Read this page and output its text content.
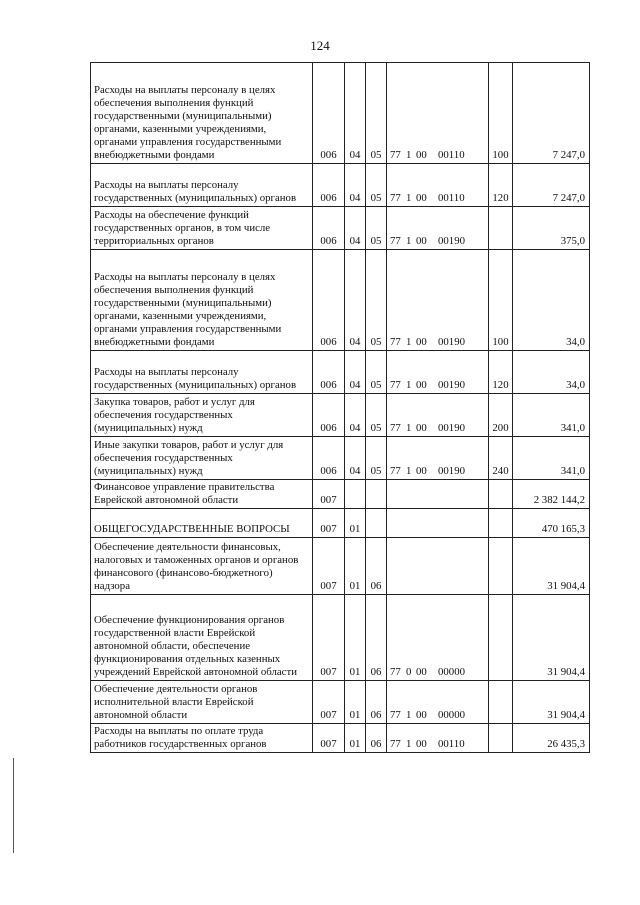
124
Расходы на выплаты персоналу в целях обеспечения выполнения функций государственными (муниципальными) органами, казенными учреждениями, органами управления государственными внебюджетными фондами	006	04	05	77 1 00 00110	100	7 247,0
Расходы на выплаты персоналу государственных (муниципальных) органов	006	04	05	77 1 00 00110	120	7 247,0
Расходы на обеспечение функций государственных органов, в том числе территориальных органов	006	04	05	77 1 00 00190		375,0
Расходы на выплаты персоналу в целях обеспечения выполнения функций государственными (муниципальными) органами, казенными учреждениями, органами управления государственными внебюджетными фондами	006	04	05	77 1 00 00190	100	34,0
Расходы на выплаты персоналу государственных (муниципальных) органов	006	04	05	77 1 00 00190	120	34,0
Закупка товаров, работ и услуг для обеспечения государственных (муниципальных) нужд	006	04	05	77 1 00 00190	200	341,0
Иные закупки товаров, работ и услуг для обеспечения государственных (муниципальных) нужд	006	04	05	77 1 00 00190	240	341,0
Финансовое управление правительства Еврейской автономной области	007					2 382 144,2
ОБЩЕГОСУДАРСТВЕННЫЕ ВОПРОСЫ	007	01				470 165,3
Обеспечение деятельности финансовых, налоговых и таможенных органов и органов финансового (финансово-бюджетного) надзора	007	01	06			31 904,4
Обеспечение функционирования органов государственной власти Еврейской автономной области, обеспечение функционирования отдельных казенных учреждений Еврейской автономной области	007	01	06	77 0 00 00000		31 904,4
Обеспечение деятельности органов исполнительной власти Еврейской автономной области	007	01	06	77 1 00 00000		31 904,4
Расходы на выплаты по оплате труда работников государственных органов	007	01	06	77 1 00 00110		26 435,3
